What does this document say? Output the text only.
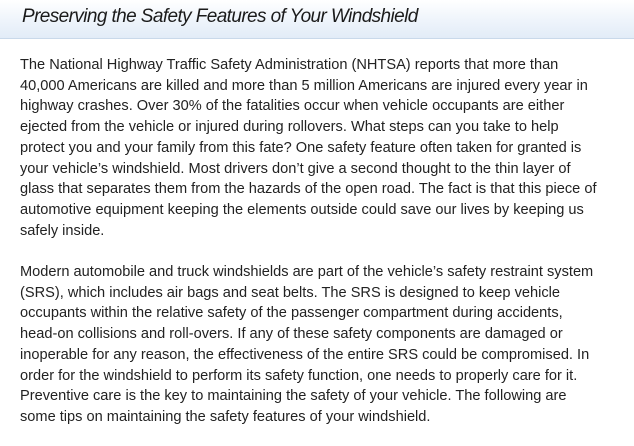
Preserving the Safety Features of Your Windshield

The National Highway Traffic Safety Administration (NHTSA) reports that more than
40,000 Americans are killed and more than 5 million Americans are injured every year in
highway crashes. Over 30% of the fatalities occur when vehicle occupants are either
ejected from the vehicle or injured during rollovers. What steps can you take to help
protect you and your family from this fate? One safety feature often taken for granted is
your vehicle’s windshield. Most drivers don’t give a second thought to the thin layer of
glass that separates them from the hazards of the open road. The fact is that this piece of
automotive equipment keeping the elements outside could save our lives by keeping us
safely inside.

Modern automobile and truck windshields are part of the vehicle’s safety restraint system
(SRS), which includes air bags and seat belts. The SRS is designed to keep vehicle
occupants within the relative safety of the passenger compartment during accidents,
head-on collisions and roll-overs. If any of these safety components are damaged or
inoperable for any reason, the effectiveness of the entire SRS could be compromised. In
order for the windshield to perform its safety function, one needs to properly care for it.
Preventive care is the key to maintaining the safety of your vehicle. The following are
some tips on maintaining the safety features of your windshield.
